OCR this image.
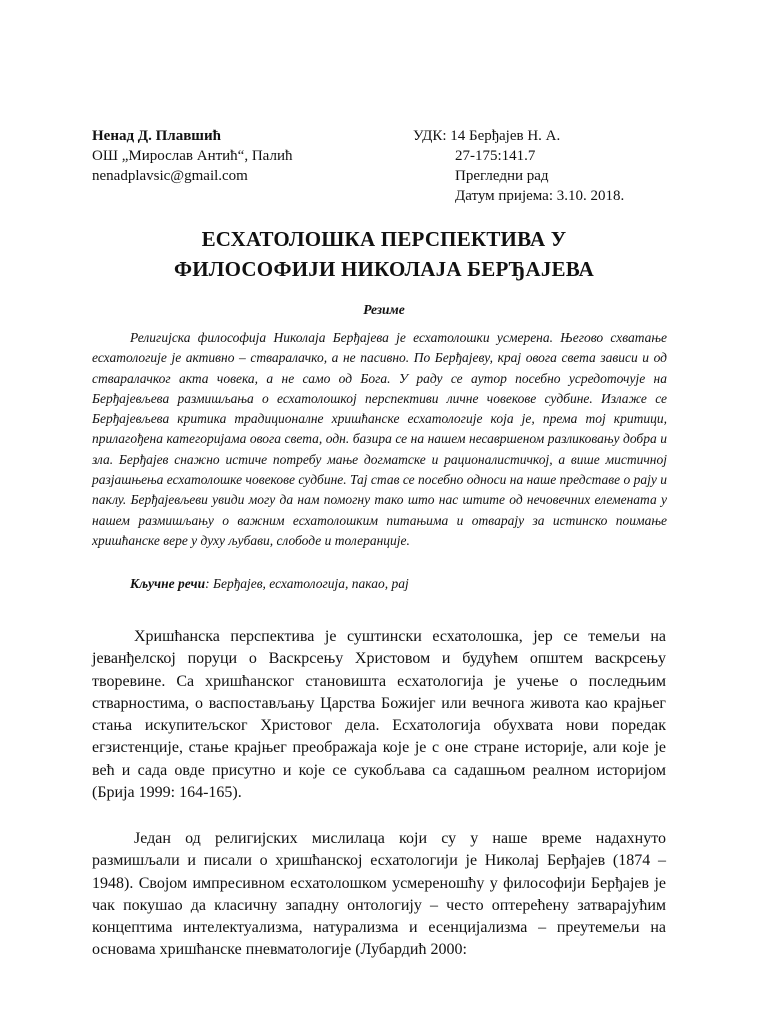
Ненад Д. Плавшић
ОШ „Мирослав Антић“, Палић
nenadplavsic@gmail.com
УДК: 14 Берђајев Н. А.
27-175:141.7
Прегледни рад
Датум пријема: 3.10. 2018.
ЕСХАТОЛОШКА ПЕРСПЕКТИВА У
ФИЛОСОФИЈИ НИКОЛАЈА БЕРЂАЈЕВА
Резиме

Религијска философија Николаја Берђајева је есхатолошки усмерена. Његово схватање есхатологије је активно – стваралачко, а не пасивно. По Берђајеву, крај овога света зависи и од стваралачког акта човека, а не само од Бога. У раду се аутор посебно усредоточује на Берђајевљева размишљања о есхатолошкој перспективи личне човекове судбине. Излаже се Берђајевљева критика традиционалне хришћанске есхатологије која је, према тој критици, прилагођена категоријама овога света, одн. базира се на нашем несавршеном разликовању добра и зла. Берђајев снажно истиче потребу мање догматске и рационалистичкој, а више мистичној разјашњења есхатолошке човекове судбине. Тај став се посебно односи на наше представе о рају и паклу. Берђајевљеви увиди могу да нам помогну тако што нас штите од нечовечних елемената у нашем размишљању о важним есхатолошким питањима и отварају за истинско поимање хришћанске вере у духу љубави, слободе и толеранције.

Кључне речи: Берђајев, есхатологија, пакао, рај

Хришћанска перспектива је суштински есхатолошка, јер се темељи на јеванђелској поруци о Васкрсењу Христовом и будућем општем васкрсењу творевине. Са хришћанског становишта есхатологија је учење о последњим стварностима, о васпостављању Царства Божијег или вечнога живота као крајњег стања искупитељског Христовог дела. Есхатологија обухвата нови поредак егзистенције, стање крајњег преображаја које је с оне стране историје, али које је већ и сада овде присутно и које се сукобљава са садашњом реалном историјом (Брија 1999: 164-165).

Један од религијских мислилаца који су у наше време надахнуто размишљали и писали о хришћанској есхатологији је Николај Берђајев (1874 – 1948). Својом импресивном есхатолошком усмереношћу у философији Берђајев је чак покушао да класичну западну онтологију – често оптерећену затварајућим концептима интелектуализма, натурализма и есенцијализма – преутемељи на основама хришћанске пневматологије (Лубардић 2000:
